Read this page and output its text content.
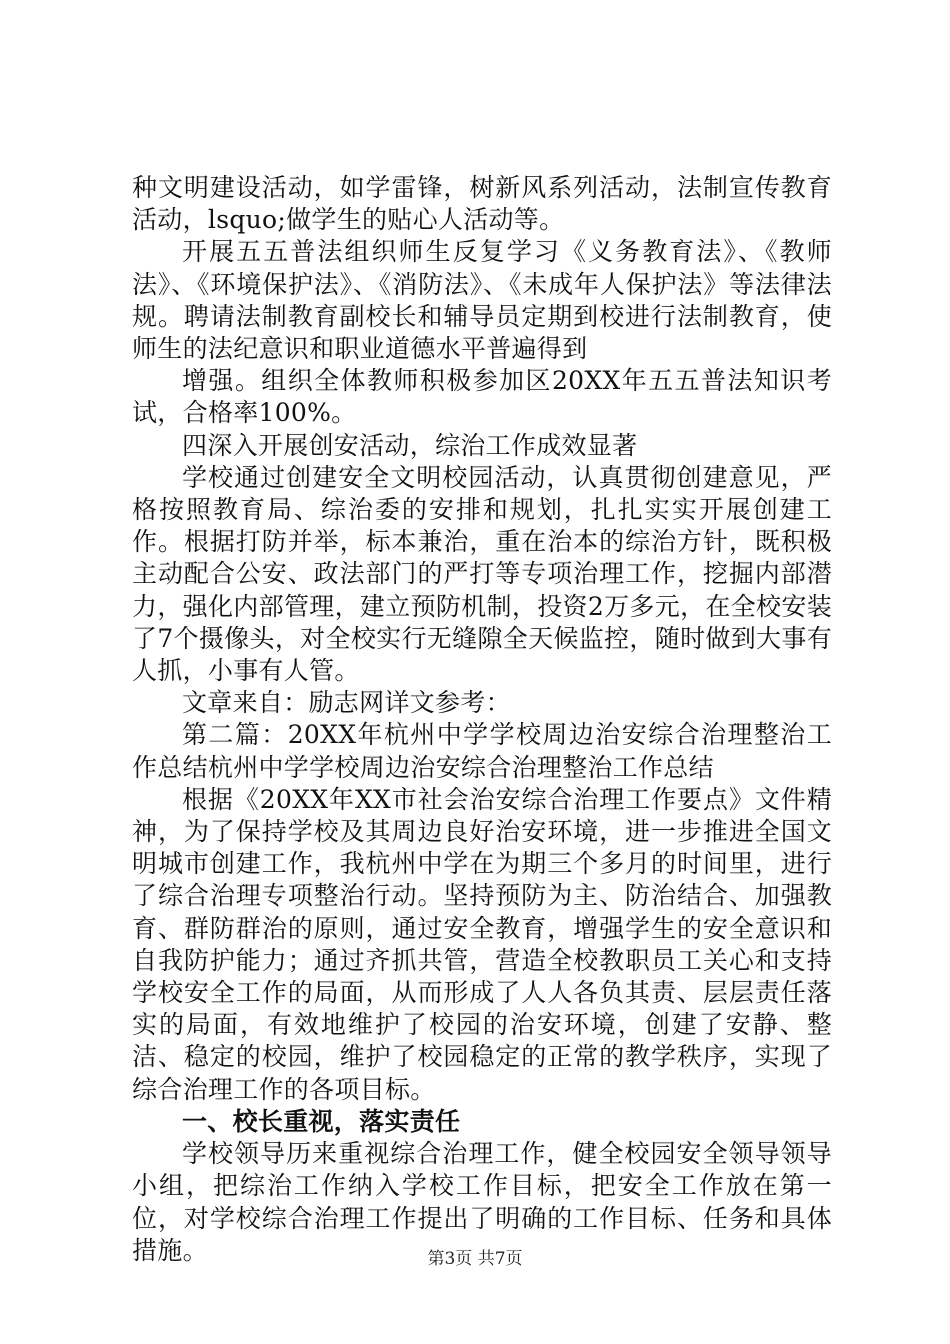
种文明建设活动，如学雷锋，树新风系列活动，法制宣传教育活动，lsquo;做学生的贴心人活动等。

开展五五普法组织师生反复学习《义务教育法》、《教师法》、《环境保护法》、《消防法》、《未成年人保护法》等法律法规。聘请法制教育副校长和辅导员定期到校进行法制教育，使师生的法纪意识和职业道德水平普遍得到

增强。组织全体教师积极参加区20XX年五五普法知识考试，合格率100%。

四深入开展创安活动，综治工作成效显著

学校通过创建安全文明校园活动，认真贯彻创建意见，严格按照教育局、综治委的安排和规划，扎扎实实开展创建工作。根据打防并举，标本兼治，重在治本的综治方针，既积极主动配合公安、政法部门的严打等专项治理工作，挖掘内部潜力，强化内部管理，建立预防机制，投资2万多元，在全校安装了7个摄像头，对全校实行无缝隙全天候监控，随时做到大事有人抓，小事有人管。

文章来自：励志网详文参考：

第二篇：20XX年杭州中学学校周边治安综合治理整治工作总结杭州中学学校周边治安综合治理整治工作总结

根据《20XX年XX市社会治安综合治理工作要点》文件精神，为了保持学校及其周边良好治安环境，进一步推进全国文明城市创建工作，我杭州中学在为期三个多月的时间里，进行了综合治理专项整治行动。坚持预防为主、防治结合、加强教育、群防群治的原则，通过安全教育，增强学生的安全意识和自我防护能力；通过齐抓共管，营造全校教职员工关心和支持学校安全工作的局面，从而形成了人人各负其责、层层责任落实的局面，有效地维护了校园的治安环境，创建了安静、整洁、稳定的校园，维护了校园稳定的正常的教学秩序，实现了综合治理工作的各项目标。

一、校长重视，落实责任

学校领导历来重视综合治理工作，健全校园安全领导领导小组，把综治工作纳入学校工作目标，把安全工作放在第一位，对学校综合治理工作提出了明确的工作目标、任务和具体措施。	第3页 共7页
